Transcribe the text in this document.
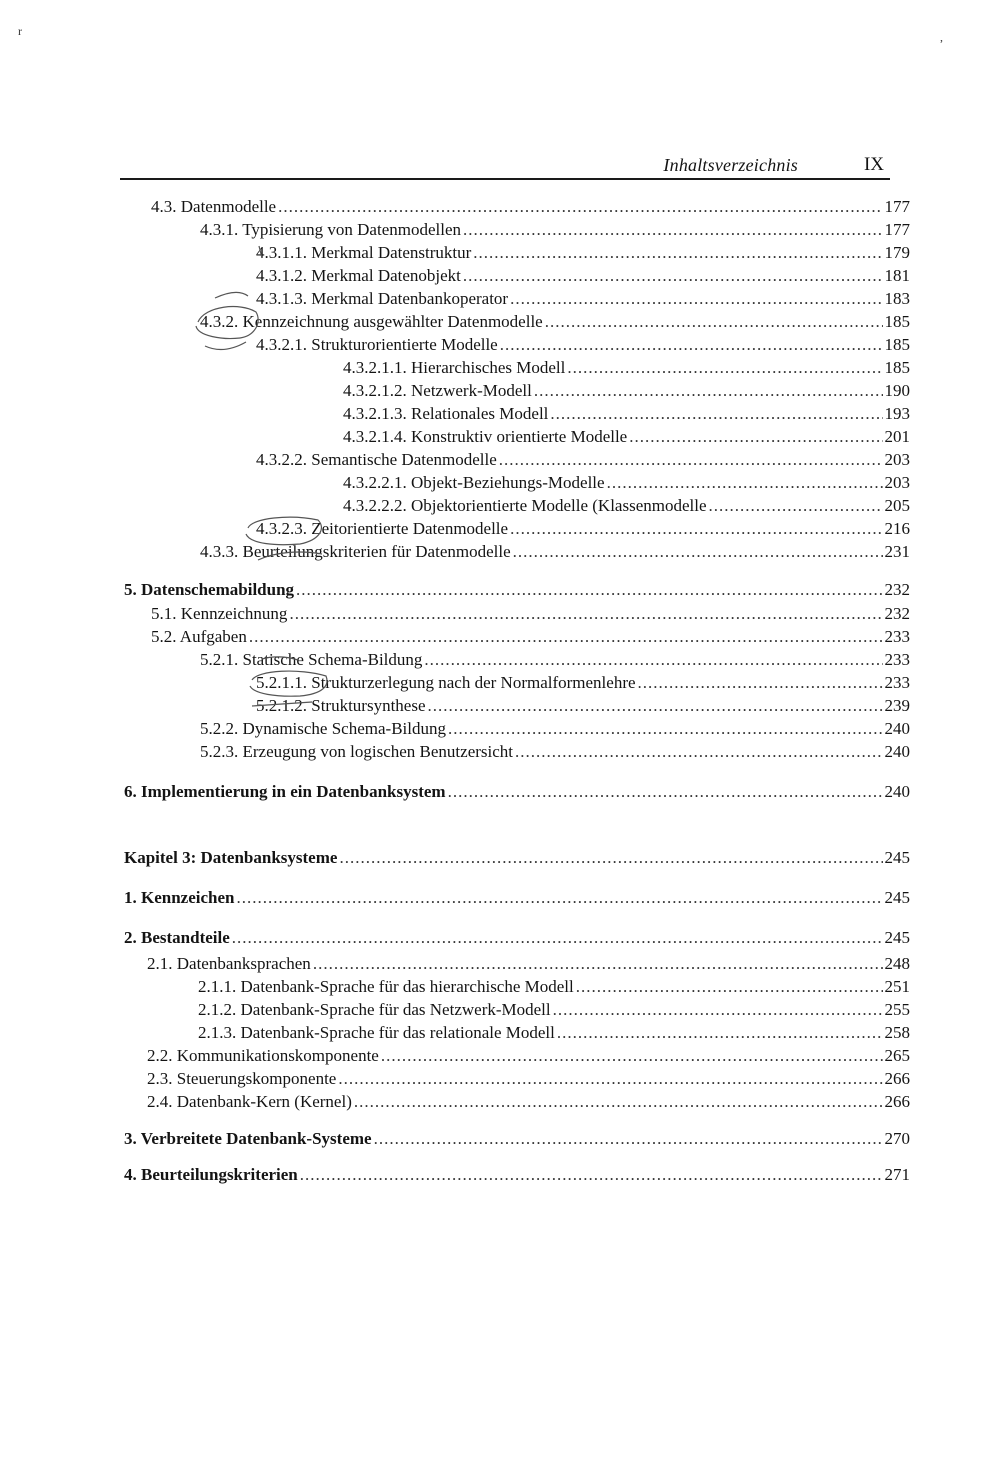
r
Inhaltsverzeichnis	IX
4.3. Datenmodelle .....	177
4.3.1. Typisierung von Datenmodellen .....	177
4.3.1.1. Merkmal Datenstruktur .....	179
4.3.1.2. Merkmal Datenobjekt .....	181
4.3.1.3. Merkmal Datenbankoperator .....	183
4.3.2. Kennzeichnung ausgewählter Datenmodelle .....	185
4.3.2.1. Strukturorientierte Modelle .....	185
4.3.2.1.1. Hierarchisches Modell .....	185
4.3.2.1.2. Netzwerk-Modell .....	190
4.3.2.1.3. Relationales Modell .....	193
4.3.2.1.4. Konstruktiv orientierte Modelle .....	201
4.3.2.2. Semantische Datenmodelle .....	203
4.3.2.2.1. Objekt-Beziehungs-Modelle .....	203
4.3.2.2.2. Objektorientierte Modelle (Klassenmodelle .....	205
4.3.2.3. Zeitorientierte Datenmodelle .....	216
4.3.3. Beurteilungskriterien für Datenmodelle .....	231
5. Datenschemabildung .....	232
5.1. Kennzeichnung .....	232
5.2. Aufgaben .....	233
5.2.1. Statische Schema-Bildung .....	233
5.2.1.1. Strukturzerlegung nach der Normalformenlehre .....	233
5.2.1.2. Struktursynthese .....	239
5.2.2. Dynamische Schema-Bildung .....	240
5.2.3. Erzeugung von logischen Benutzersicht .....	240
6. Implementierung in ein Datenbanksystem .....	240
Kapitel 3: Datenbanksysteme .....	245
1. Kennzeichen .....	245
2. Bestandteile .....	245
2.1. Datenbanksprachen .....	248
2.1.1. Datenbank-Sprache für das hierarchische Modell .....	251
2.1.2. Datenbank-Sprache für das Netzwerk-Modell .....	255
2.1.3. Datenbank-Sprache für das relationale Modell .....	258
2.2. Kommunikationskomponente .....	265
2.3. Steuerungskomponente .....	266
2.4. Datenbank-Kern (Kernel) .....	266
3. Verbreitete Datenbank-Systeme .....	270
4. Beurteilungskriterien .....	271
,
